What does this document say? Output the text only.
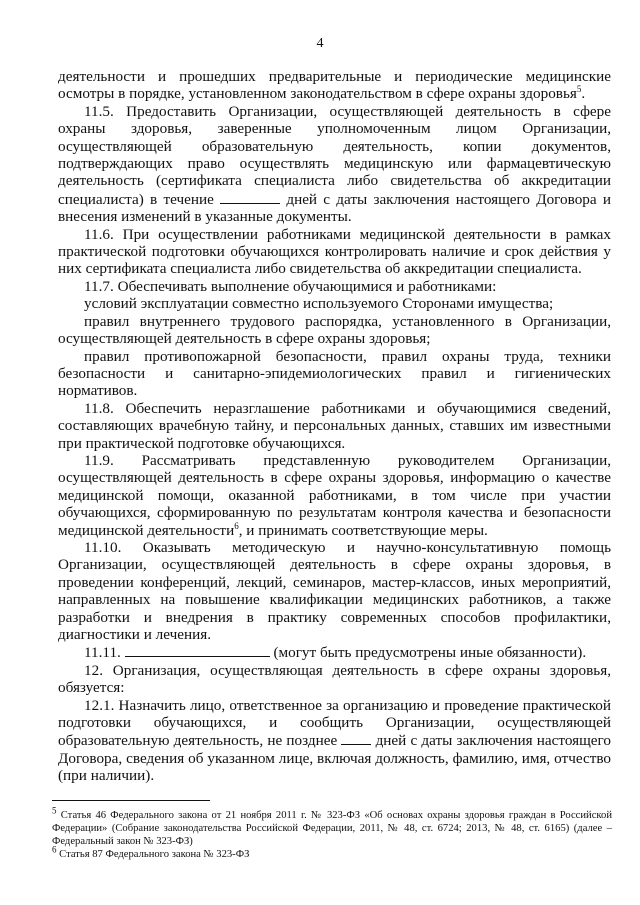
4

деятельности и прошедших предварительные и периодические медицинские осмотры в порядке, установленном законодательством в сфере охраны здоровья$^5$.

11.5. Предоставить Организации, осуществляющей деятельность в сфере охраны здоровья, заверенные уполномоченным лицом Организации, осуществляющей образовательную деятельность, копии документов, подтверждающих право осуществлять медицинскую или фармацевтическую деятельность (сертификата специалиста либо свидетельства об аккредитации специалиста) в течение	дней с даты заключения настоящего Договора и внесения изменений в указанные документы.

11.6. При осуществлении работниками медицинской деятельности в рамках практической подготовки обучающихся контролировать наличие и срок действия у них сертификата специалиста либо свидетельства об аккредитации специалиста.

11.7. Обеспечивать выполнение обучающимися и работниками:

условий эксплуатации совместно используемого Сторонами имущества;

правил внутреннего трудового распорядка, установленного в Организации, осуществляющей деятельность в сфере охраны здоровья;

правил противопожарной безопасности, правил охраны труда, техники безопасности и санитарно-эпидемиологических правил и гигиенических нормативов.

11.8. Обеспечить неразглашение работниками и обучающимися сведений, составляющих врачебную тайну, и персональных данных, ставших им известными при практической подготовке обучающихся.

11.9. Рассматривать представленную руководителем Организации, осуществляющей деятельность в сфере охраны здоровья, информацию о качестве медицинской помощи, оказанной работниками, в том числе при участии обучающихся, сформированную по результатам контроля качества и безопасности медицинской деятельности$^6$, и принимать соответствующие меры.

11.10. Оказывать методическую и научно-консультативную помощь Организации, осуществляющей деятельность в сфере охраны здоровья, в проведении конференций, лекций, семинаров, мастер-классов, иных мероприятий, направленных на повышение квалификации медицинских работников, а также разработки и внедрения в практику современных способов профилактики, диагностики и лечения.

11.11.	(могут быть предусмотрены иные обязанности).

12. Организация, осуществляющая деятельность в сфере охраны здоровья, обязуется:

12.1. Назначить лицо, ответственное за организацию и проведение практической подготовки обучающихся, и сообщить Организации, осуществляющей образовательную деятельность, не позднее  дней с даты заключения настоящего Договора, сведения об указанном лице, включая должность, фамилию, имя, отчество (при наличии).

$^5$ Статья 46 Федерального закона от 21 ноября 2011 г. № 323-ФЗ «Об основах охраны здоровья граждан в Российской Федерации» (Собрание законодательства Российской Федерации, 2011, № 48, ст. 6724; 2013, № 48, ст. 6165) (далее – Федеральный закон № 323-ФЗ)

$^6$ Статья 87 Федерального закона № 323-ФЗ
